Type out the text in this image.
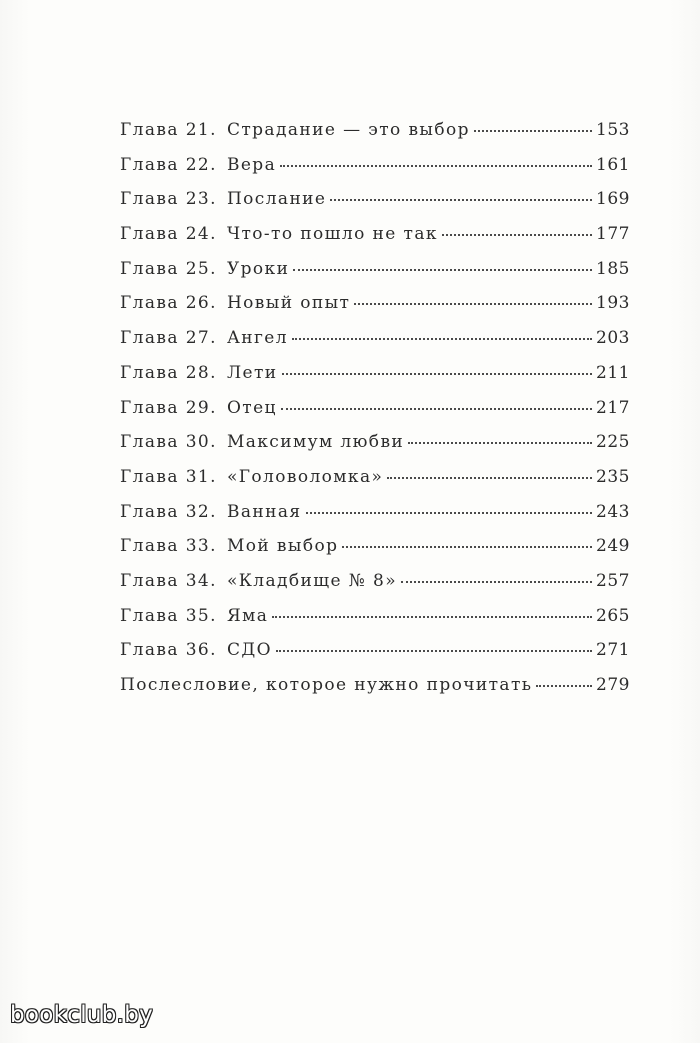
Глава 21. Страдание — это выбор	153
Глава 22. Вера	161
Глава 23. Послание	169
Глава 24. Что-то пошло не так	177
Глава 25. Уроки	185
Глава 26. Новый опыт	193
Глава 27. Ангел	203
Глава 28. Лети	211
Глава 29. Отец	217
Глава 30. Максимум любви	225
Глава 31. «Головоломка»	235
Глава 32. Ванная	243
Глава 33. Мой выбор	249
Глава 34. «Кладбище № 8»	257
Глава 35. Яма	265
Глава 36. СДО	271
Послесловие, которое нужно прочитать	279
bookclub.by
